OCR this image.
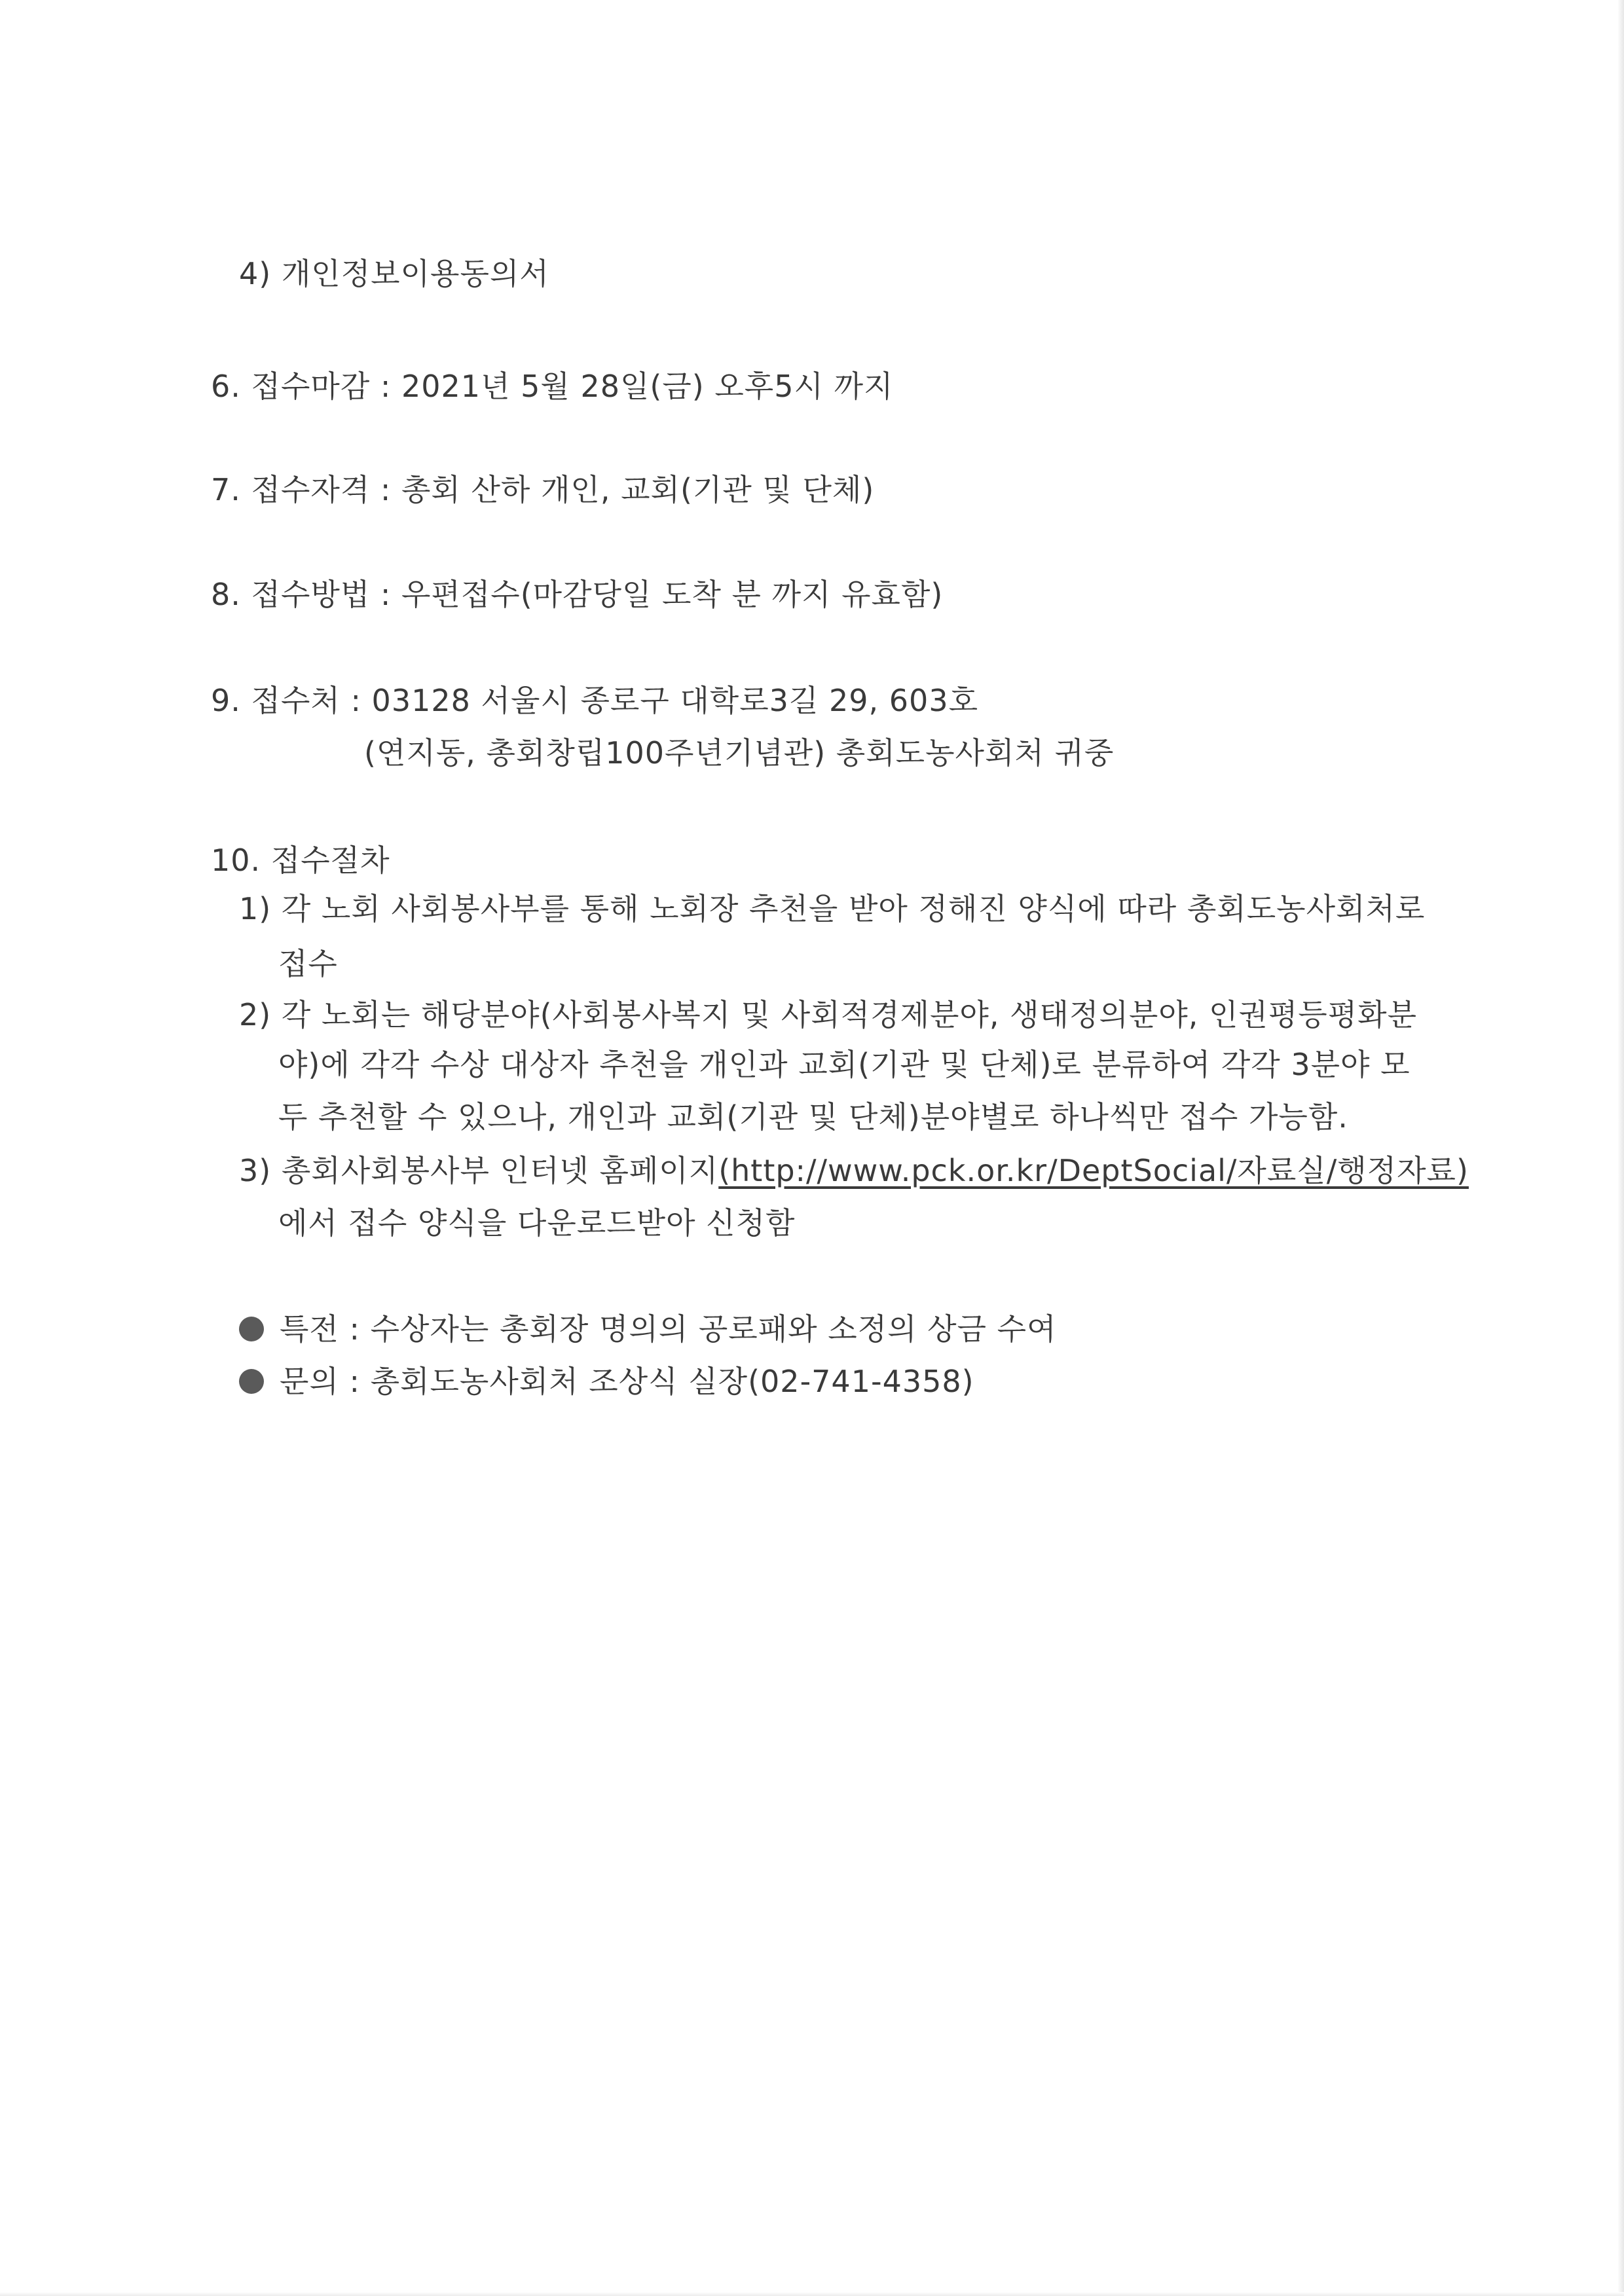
4) 개인정보이용동의서
6. 접수마감 : 2021년 5월 28일(금) 오후5시 까지
7. 접수자격 : 총회 산하 개인, 교회(기관 및 단체)
8. 접수방법 : 우편접수(마감당일 도착 분 까지 유효함)
9. 접수처 : 03128 서울시 종로구 대학로3길 29, 603호
(연지동, 총회창립100주년기념관) 총회도농사회처 귀중
10. 접수절차
1) 각 노회 사회봉사부를 통해 노회장 추천을 받아 정해진 양식에 따라 총회도농사회처로
접수
2) 각 노회는 해당분야(사회봉사복지 및 사회적경제분야, 생태정의분야, 인권평등평화분
야)에 각각 수상 대상자 추천을 개인과 교회(기관 및 단체)로 분류하여 각각 3분야 모
두 추천할 수 있으나, 개인과 교회(기관 및 단체)분야별로 하나씩만 접수 가능함.
3) 총회사회봉사부 인터넷 홈페이지(http://www.pck.or.kr/DeptSocial/자료실/행정자료)
에서 접수 양식을 다운로드받아 신청함
특전 : 수상자는 총회장 명의의 공로패와 소정의 상금 수여
문의 : 총회도농사회처 조상식 실장(02-741-4358)
